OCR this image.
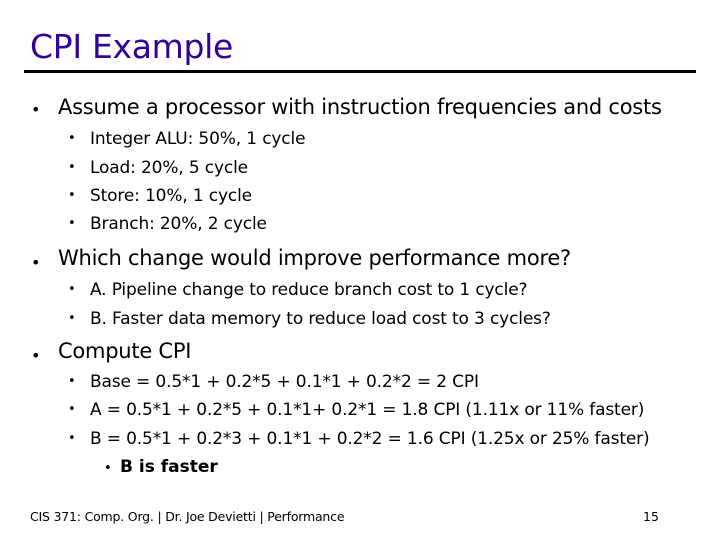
CPI Example
• Assume a processor with instruction frequencies and costs
• Integer ALU: 50%, 1 cycle
• Load: 20%, 5 cycle
• Store: 10%, 1 cycle
• Branch: 20%, 2 cycle
• Which change would improve performance more?
• A. Pipeline change to reduce branch cost to 1 cycle?
• B. Faster data memory to reduce load cost to 3 cycles?
• Compute CPI
• Base = 0.5*1 + 0.2*5 + 0.1*1 + 0.2*2 = 2 CPI
• A = 0.5*1 + 0.2*5 + 0.1*1+ 0.2*1 = 1.8 CPI (1.11x or 11% faster)
• B = 0.5*1 + 0.2*3 + 0.1*1 + 0.2*2 = 1.6 CPI (1.25x or 25% faster)
• B is faster
CIS 371: Comp. Org. | Dr. Joe Devietti | Performance	15
